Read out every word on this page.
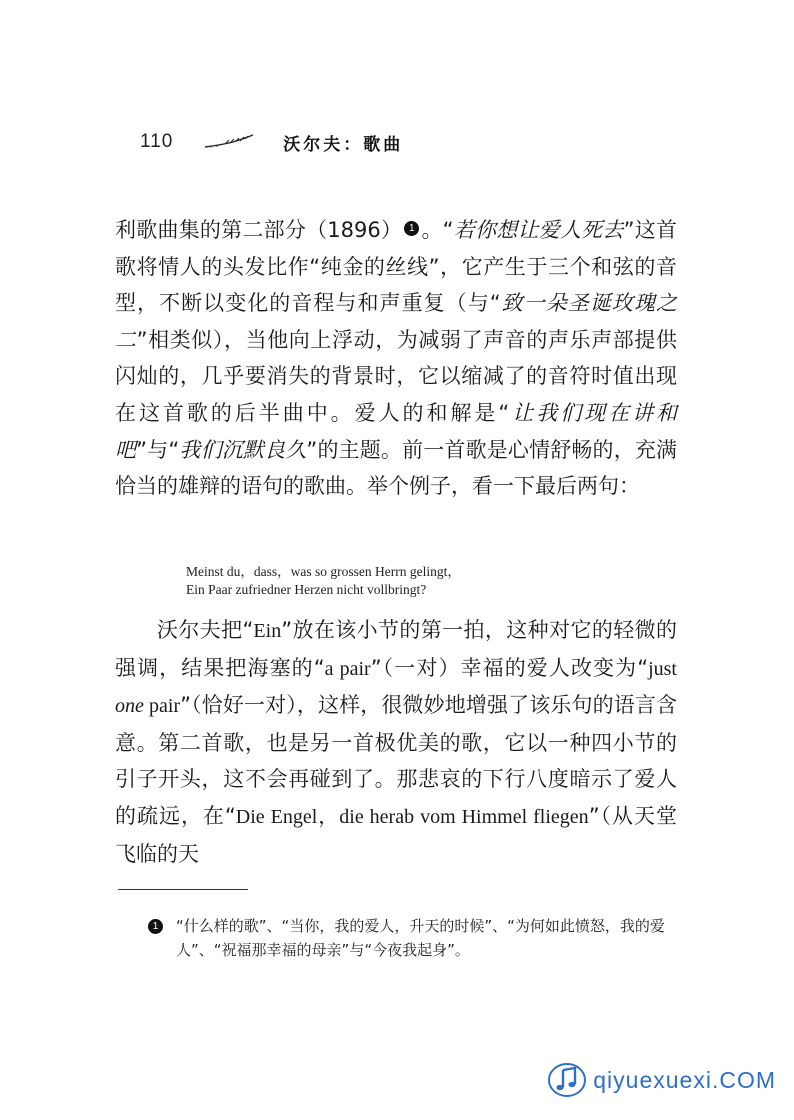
110	沃尔夫：歌曲
利歌曲集的第二部分（1896） 1 。“若你想让爱人死去”这首歌将情人的头发比作“纯金的丝线”，它产生于三个和弦的音型，不断以变化的音程与和声重复（与“致一朵圣诞玫瑰之二”相类似），当他向上浮动，为减弱了声音的声乐声部提供闪灿的，几乎要消失的背景时，它以缩减了的音符时值出现在这首歌的后半曲中。爱人的和解是“让我们现在讲和吧”与“我们沉默良久”的主题。前一首歌是心情舒畅的，充满恰当的雄辩的语句的歌曲。举个例子，看一下最后两句：
Meinst du，dass，was so grossen Herrn gelingt，
Ein Paar zufriedner Herzen nicht vollbringt?
沃尔夫把“Ein”放在该小节的第一拍，这种对它的轻微的强调，结果把海塞的“a pair”（一对）幸福的爱人改变为“just one pair”（恰好一对），这样，很微妙地增强了该乐句的语言含意。第二首歌，也是另一首极优美的歌，它以一种四小节的引子开头，这不会再碰到了。那悲哀的下行八度暗示了爱人的疏远，在“Die Engel，die herab vom Himmel fliegen”（从天堂飞临的天
1	“什么样的歌”、“当你，我的爱人，升天的时候”、“为何如此愤怒，我的爱人”、“祝福那幸福的母亲”与“今夜我起身”。
qiyuexuexi.COM
